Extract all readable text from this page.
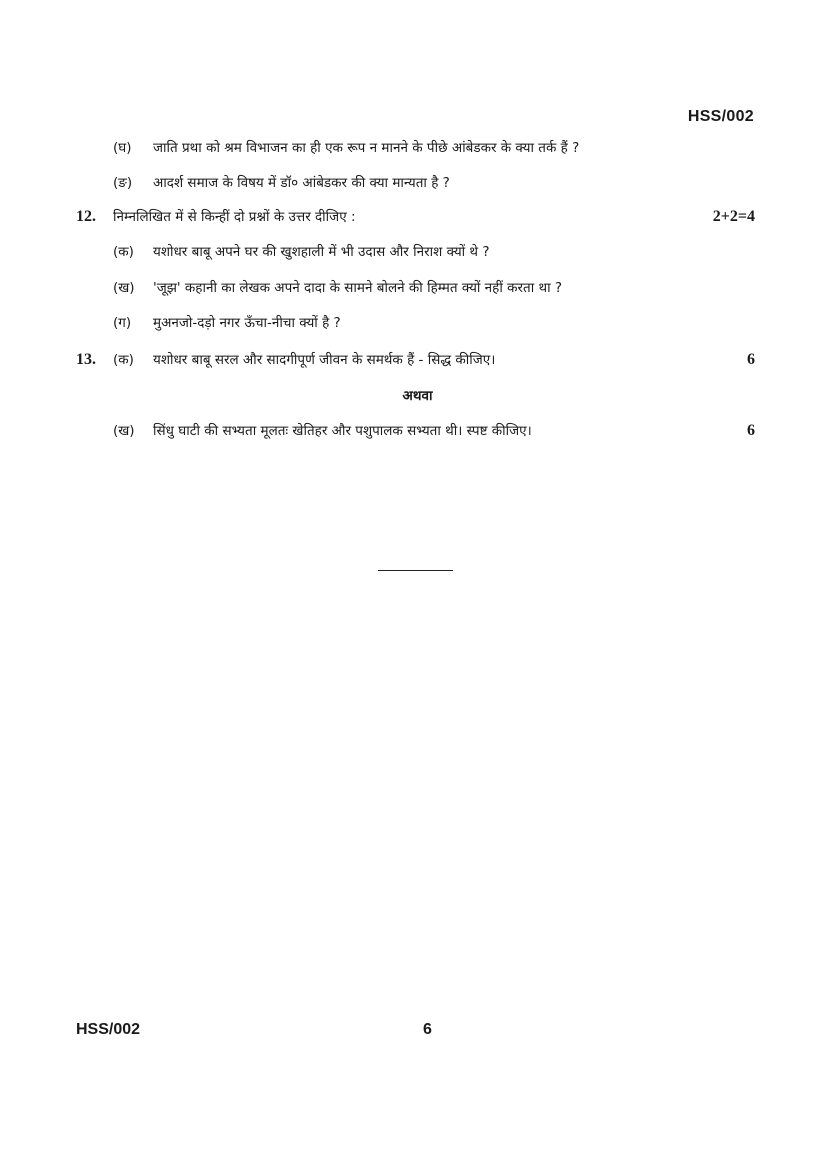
HSS/002
(घ) जाति प्रथा को श्रम विभाजन का ही एक रूप न मानने के पीछे आंबेडकर के क्या तर्क हैं ?
(ङ) आदर्श समाज के विषय में डॉ० आंबेडकर की क्या मान्यता है ?
12. निम्नलिखित में से किन्हीं दो प्रश्नों के उत्तर दीजिए :	2+2=4
(क) यशोधर बाबू अपने घर की खुशहाली में भी उदास और निराश क्यों थे ?
(ख) 'जूझ' कहानी का लेखक अपने दादा के सामने बोलने की हिम्मत क्यों नहीं करता था ?
(ग) मुअनजो-दड़ो नगर ऊँचा-नीचा क्यों है ?
13. (क) यशोधर बाबू सरल और सादगीपूर्ण जीवन के समर्थक हैं - सिद्ध कीजिए।	6
अथवा
(ख) सिंधु घाटी की सभ्यता मूलतः खेतिहर और पशुपालक सभ्यता थी। स्पष्ट कीजिए।	6
HSS/002	6
